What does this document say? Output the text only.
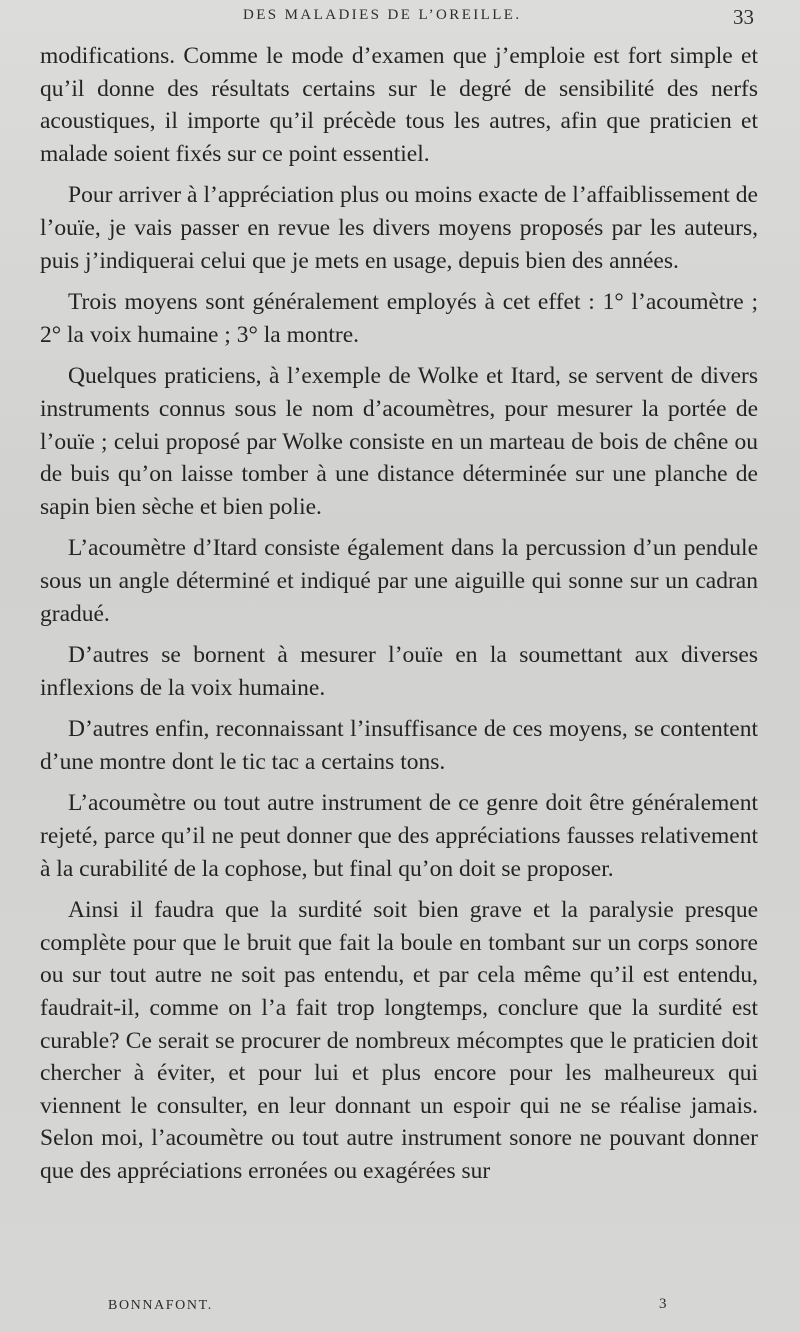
DES MALADIES DE L’OREILLE.	33

modifications. Comme le mode d’examen que j’emploie est fort simple et qu’il donne des résultats certains sur le degré de sensibilité des nerfs acoustiques, il importe qu’il précède tous les autres, afin que praticien et malade soient fixés sur ce point essentiel.

Pour arriver à l’appréciation plus ou moins exacte de l’affaiblissement de l’ouïe, je vais passer en revue les divers moyens proposés par les auteurs, puis j’indiquerai celui que je mets en usage, depuis bien des années.

Trois moyens sont généralement employés à cet effet : 1° l’acoumètre ; 2° la voix humaine ; 3° la montre.

Quelques praticiens, à l’exemple de Wolke et Itard, se servent de divers instruments connus sous le nom d’acoumètres, pour mesurer la portée de l’ouïe ; celui proposé par Wolke consiste en un marteau de bois de chêne ou de buis qu’on laisse tomber à une distance déterminée sur une planche de sapin bien sèche et bien polie.

L’acoumètre d’Itard consiste également dans la percussion d’un pendule sous un angle déterminé et indiqué par une aiguille qui sonne sur un cadran gradué.

D’autres se bornent à mesurer l’ouïe en la soumettant aux diverses inflexions de la voix humaine.

D’autres enfin, reconnaissant l’insuffisance de ces moyens, se contentent d’une montre dont le tic tac a certains tons.

L’acoumètre ou tout autre instrument de ce genre doit être généralement rejeté, parce qu’il ne peut donner que des appréciations fausses relativement à la curabilité de la cophose, but final qu’on doit se proposer.

Ainsi il faudra que la surdité soit bien grave et la paralysie presque complète pour que le bruit que fait la boule en tombant sur un corps sonore ou sur tout autre ne soit pas entendu, et par cela même qu’il est entendu, faudrait-il, comme on l’a fait trop longtemps, conclure que la surdité est curable? Ce serait se procurer de nombreux mécomptes que le praticien doit chercher à éviter, et pour lui et plus encore pour les malheureux qui viennent le consulter, en leur donnant un espoir qui ne se réalise jamais. Selon moi, l’acoumètre ou tout autre instrument sonore ne pouvant donner que des appréciations erronées ou exagérées sur

BONNAFONT.	3
